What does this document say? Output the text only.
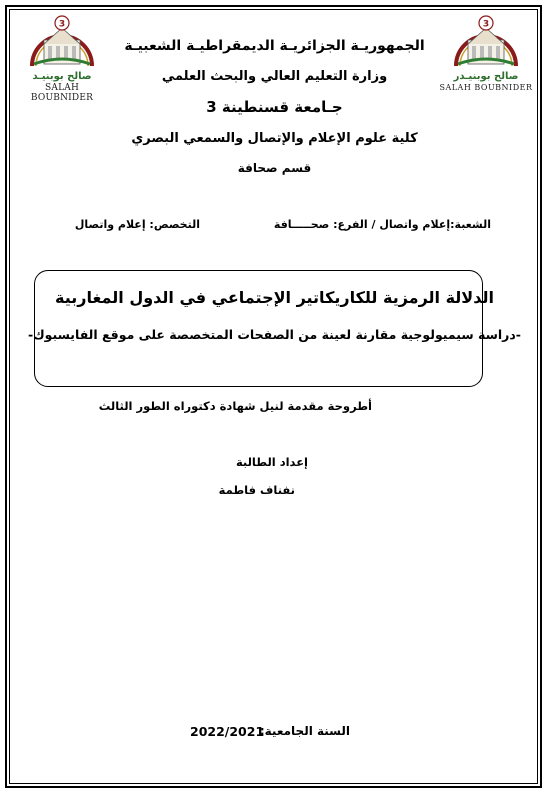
3
صالح بوبنيـد
SALAH BOUBNIDER
3
صالح بوبنيـدر
SALAH BOUBNIDER
الجمهوريـة الجزائريـة الديمقراطيـة الشعبيـة
وزارة التعليم العالي والبحث العلمي
جـامعة قسنطينة 3
كلية علوم الإعلام والإتصال والسمعي البصري
قسم صحافة
الشعبة:إعلام واتصال / الفرع: صحـــــافة
التخصص: إعلام واتصال
الدلالة الرمزية للكاريكاتير الإجتماعي في الدول المغاربية
-دراسة سيميولوجية مقارنة لعينة من الصفحات المتخصصة على موقع الفايسبوك-
أطروحة مقدمة لنيل شهادة دكتوراه الطور الثالث
إعداد الطالبة
نفناف فاطمة
السنة الجامعية:
2022/2021
